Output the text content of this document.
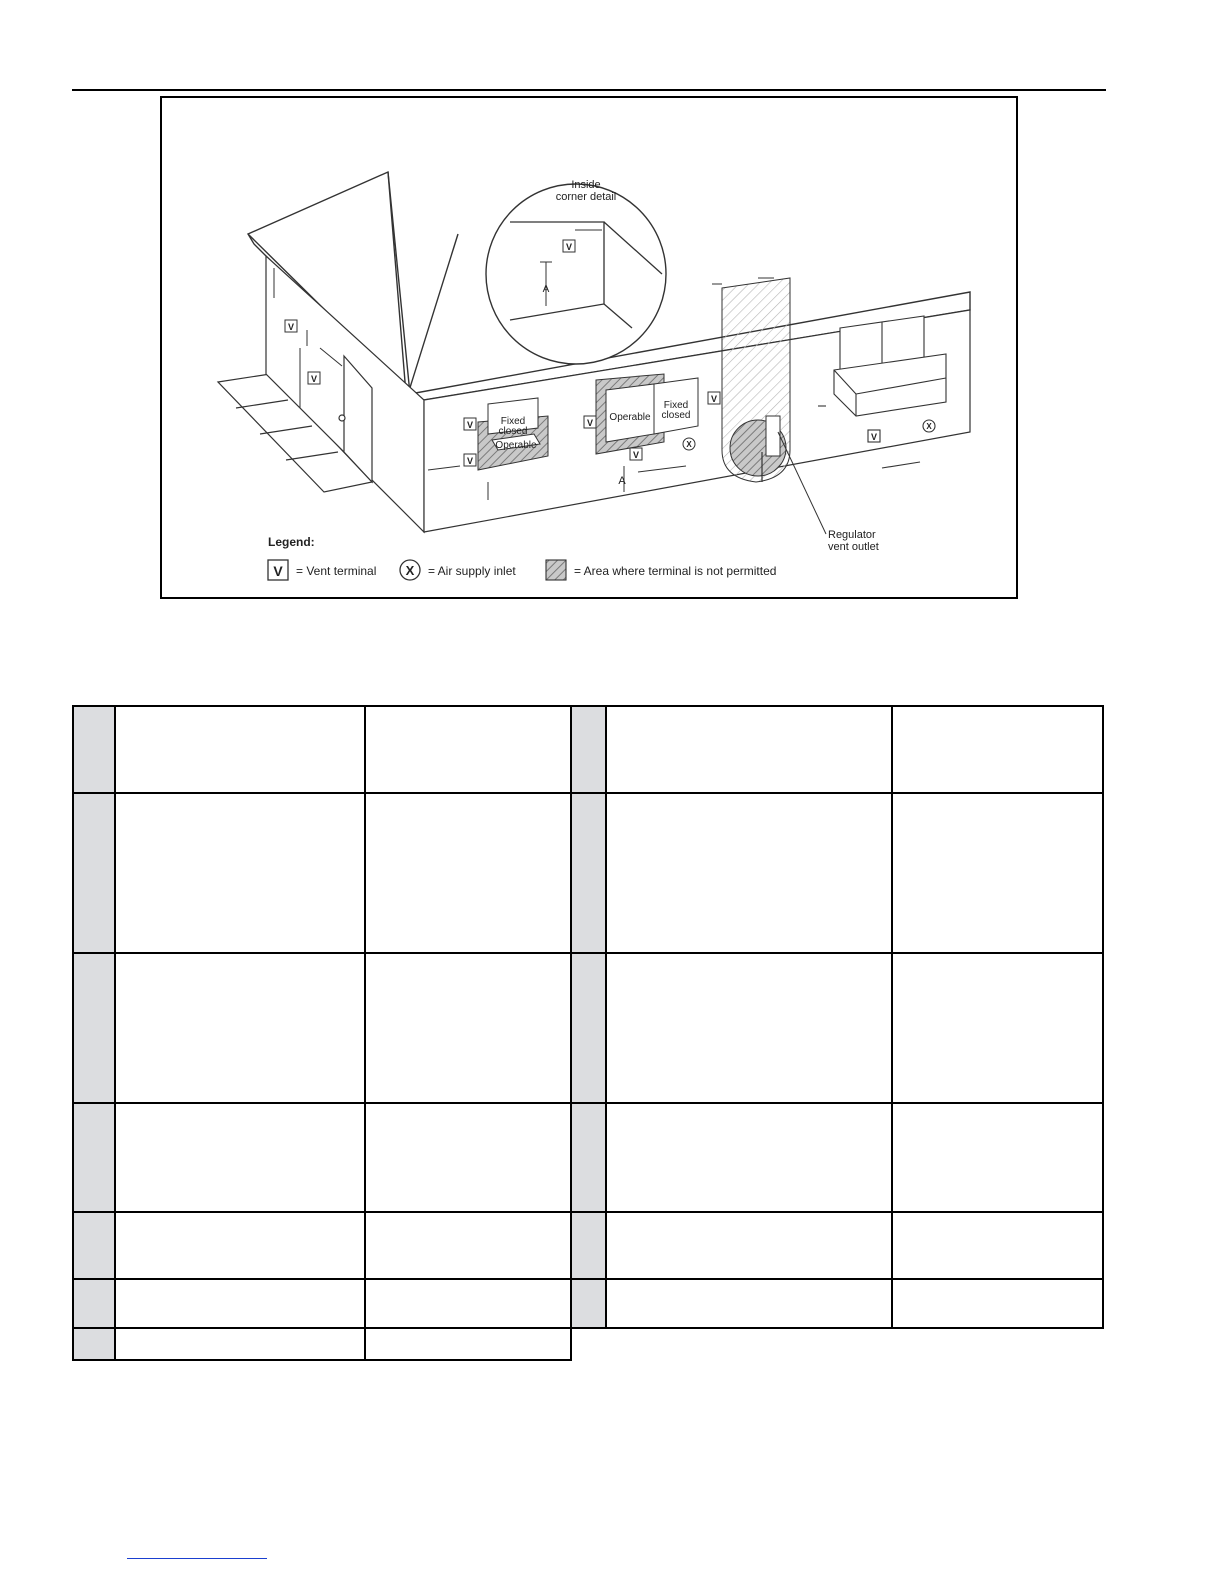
Inside
corner detail
A
V
V
V
Fixed
closed
Operable
V
V
Operable
Fixed
closed
A
V
V
V
X
Regulator
vent outlet
V
X
Legend:
V = Vent terminal X = Air supply inlet	= Area where terminal is not permitted
